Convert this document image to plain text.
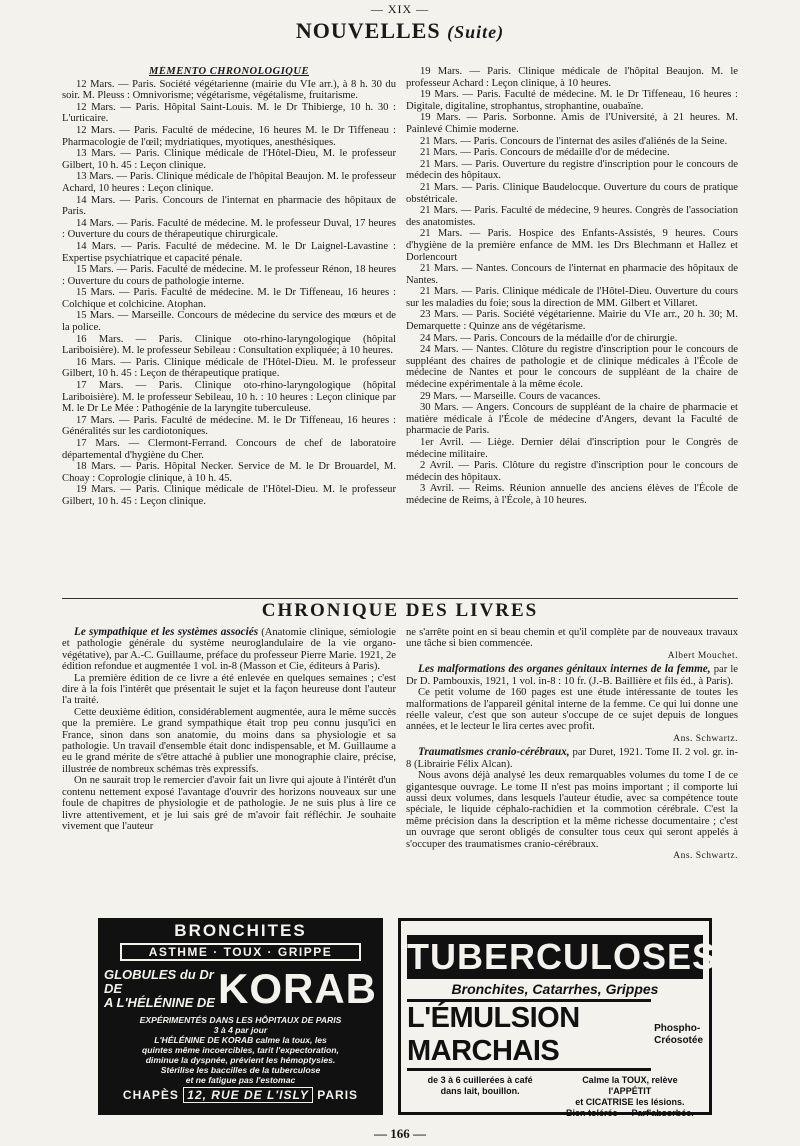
— XIX —
NOUVELLES (Suite)
MÉMENTO CHRONOLOGIQUE

12 Mars. — Paris. Société végétarienne (mairie du VIe arr.), à 8 h. 30 du soir. M. Pleuss : Omnivorisme; végétarisme, végétalisme, fruitarisme.

12 Mars. — Paris. Hôpital Saint-Louis. M. le Dr Thibierge, 10 h. 30 : L'urticaire.

12 Mars. — Paris. Faculté de médecine, 16 heures M. le Dr Tiffeneau : Pharmacologie de l'œil; mydriatiques, myotiques, anesthésiques.

13 Mars. — Paris. Clinique médicale de l'Hôtel-Dieu, M. le professeur Gilbert, 10 h. 45 : Leçon clinique.

13 Mars. — Paris. Clinique médicale de l'hôpital Beaujon. M. le professeur Achard, 10 heures : Leçon clinique.

14 Mars. — Paris. Concours de l'internat en pharmacie des hôpitaux de Paris.

14 Mars. — Paris. Faculté de médecine. M. le professeur Duval, 17 heures : Ouverture du cours de thérapeutique chirurgicale.

14 Mars. — Paris. Faculté de médecine. M. le Dr Laignel-Lavastine : Expertise psychiatrique et capacité pénale.

15 Mars. — Paris. Faculté de médecine. M. le professeur Rénon, 18 heures : Ouverture du cours de pathologie interne.

15 Mars. — Paris. Faculté de médecine. M. le Dr Tiffeneau, 16 heures : Colchique et colchicine. Atophan.

15 Mars. — Marseille. Concours de médecine du service des mœurs et de la police.

16 Mars. — Paris. Clinique oto-rhino-laryngologique (hôpital Lariboisière). M. le professeur Sebileau : Consultation expliquée; à 10 heures.

16 Mars. — Paris. Clinique médicale de l'Hôtel-Dieu. M. le professeur Gilbert, 10 h. 45 : Leçon de thérapeutique pratique.

17 Mars. — Paris. Clinique oto-rhino-laryngologique (hôpital Lariboisière). M. le professeur Sebileau, 10 h. : 10 heures : Leçon clinique par M. le Dr Le Mée : Pathogénie de la laryngite tuberculeuse.

17 Mars. — Paris. Faculté de médecine. M. le Dr Tiffeneau, 16 heures : Généralités sur les cardiotoniques.

17 Mars. — Clermont-Ferrand. Concours de chef de laboratoire départemental d'hygiène du Cher.

18 Mars. — Paris. Hôpital Necker. Service de M. le Dr Brouardel, M. Choay : Coprologie clinique, à 10 h. 45.

19 Mars. — Paris. Clinique médicale de l'Hôtel-Dieu. M. le professeur Gilbert, 10 h. 45 : Leçon clinique.

19 Mars. — Paris. Clinique médicale de l'hôpital Beaujon. M. le professeur Achard : Leçon clinique, à 10 heures.

19 Mars. — Paris. Faculté de médecine. M. le Dr Tiffeneau, 16 heures : Digitale, digitaline, strophantus, strophantine, ouabaïne.

19 Mars. — Paris. Sorbonne. Amis de l'Université, à 21 heures. M. Painlevé Chimie moderne.

21 Mars. — Paris. Concours de l'internat des asiles d'aliénés de la Seine.

21 Mars. — Paris. Concours de médaille d'or de médecine.

21 Mars. — Paris. Ouverture du registre d'inscription pour le concours de médecin des hôpitaux.

21 Mars. — Paris. Clinique Baudelocque. Ouverture du cours de pratique obstétricale.

21 Mars. — Paris. Faculté de médecine, 9 heures. Congrès de l'association des anatomistes.

21 Mars. — Paris. Hospice des Enfants-Assistés, 9 heures. Cours d'hygiène de la première enfance de MM. les Drs Blechmann et Hallez et Dorlencourt

21 Mars. — Nantes. Concours de l'internat en pharmacie des hôpitaux de Nantes.

21 Mars. — Paris. Clinique médicale de l'Hôtel-Dieu. Ouverture du cours sur les maladies du foie; sous la direction de MM. Gilbert et Villaret.

23 Mars. — Paris. Société végétarienne. Mairie du VIe arr., 20 h. 30; M. Demarquette : Quinze ans de végétarisme.

24 Mars. — Paris. Concours de la médaille d'or de chirurgie.

24 Mars. — Nantes. Clôture du registre d'inscription pour le concours de suppléant des chaires de pathologie et de clinique médicales à l'École de médecine de Nantes et pour le concours de suppléant de la chaire de médecine expérimentale à la même école.

29 Mars. — Marseille. Cours de vacances.

30 Mars. — Angers. Concours de suppléant de la chaire de pharmacie et matière médicale à l'École de médecine d'Angers, devant la Faculté de pharmacie de Paris.

1er Avril. — Liège. Dernier délai d'inscription pour le Congrès de médecine militaire.

2 Avril. — Paris. Clôture du registre d'inscription pour le concours de médecin des hôpitaux.

3 Avril. — Reims. Réunion annuelle des anciens élèves de l'École de médecine de Reims, à l'École, à 10 heures.

CHRONIQUE DES LIVRES

Le sympathique et les systèmes associés (Anatomie clinique, sémiologie et pathologie générale du système neuroglandulaire de la vie organo-végétative), par A.-C. Guillaume, préface du professeur Pierre Marie. 1921, 2e édition refondue et augmentée 1 vol. in-8 (Masson et Cie, éditeurs à Paris).

La première édition de ce livre a été enlevée en quelques semaines ; c'est dire à la fois l'intérêt que présentait le sujet et la façon heureuse dont l'auteur l'a traité.

Cette deuxième édition, considérablement augmentée, aura le même succès que la première. Le grand sympathique était trop peu connu jusqu'ici en France, sinon dans son anatomie, du moins dans sa physiologie et sa pathologie. Un travail d'ensemble était donc indispensable, et M. Guillaume a eu le grand mérite de s'être attaché à publier une monographie claire, précise, illustrée de nombreux schémas très expressifs.

On ne saurait trop le remercier d'avoir fait un livre qui ajoute à l'intérêt d'un contenu nettement exposé l'avantage d'ouvrir des horizons nouveaux sur une foule de chapitres de physiologie et de pathologie. Je ne suis plus à lire ce livre attentivement, et je lui sais gré de m'avoir fait réfléchir. Je souhaite vivement que l'auteur

ne s'arrête point en si beau chemin et qu'il complète par de nouveaux travaux une tâche si bien commencée.

Albert Mouchet.

Les malformations des organes génitaux internes de la femme, par le Dr D. Pambouxis, 1921, 1 vol. in-8 : 10 fr. (J.-B. Baillière et fils éd., à Paris).

Ce petit volume de 160 pages est une étude intéressante de toutes les malformations de l'appareil génital interne de la femme. Ce qui lui donne une réelle valeur, c'est que son auteur s'occupe de ce sujet depuis de longues années, et le lecteur le lira certes avec profit.

Ans. Schwartz.

Traumatismes cranio-cérébraux, par Duret, 1921. Tome II. 2 vol. gr. in-8 (Librairie Félix Alcan).

Nous avons déjà analysé les deux remarquables volumes du tome I de ce gigantesque ouvrage. Le tome II n'est pas moins important ; il comporte lui aussi deux volumes, dans lesquels l'auteur étudie, avec sa compétence toute spéciale, le liquide céphalo-rachidien et la commotion cérébrale. C'est la même précision dans la description et la même richesse documentaire ; c'est un ouvrage que seront obligés de consulter tous ceux qui seront appelés à s'occuper des traumatismes cranio-cérébraux.

Ans. Schwartz.
BRONCHITES
ASTHME · TOUX · GRIPPE
GLOBULES du Dr DE
A L'HÉLÉNINE DE KORAB
EXPÉRIMENTÉS DANS LES HÔPITAUX DE PARIS
3 à 4 par jour
L'HÉLÉNINE DE KORAB calme la toux, les
quintes même incoercibles, tarit l'expectoration,
diminue la dyspnée, prévient les hémoptysies.
Stérilise les baccilles de la tuberculose
et ne fatigue pas l'estomac
CHAPÈS 12, RUE DE L'ISLY PARIS
TUBERCULOSES
Bronchites, Catarrhes, Grippes
L'ÉMULSION MARCHAIS
Phospho-
Créosotée
de 3 à 6 cuillerées à café
dans lait, bouillon.
Calme la TOUX, relève l'APPÉTIT
et CICATRISE les lésions.
Bien tolérée — Parf'absorbée.
— 166 —
